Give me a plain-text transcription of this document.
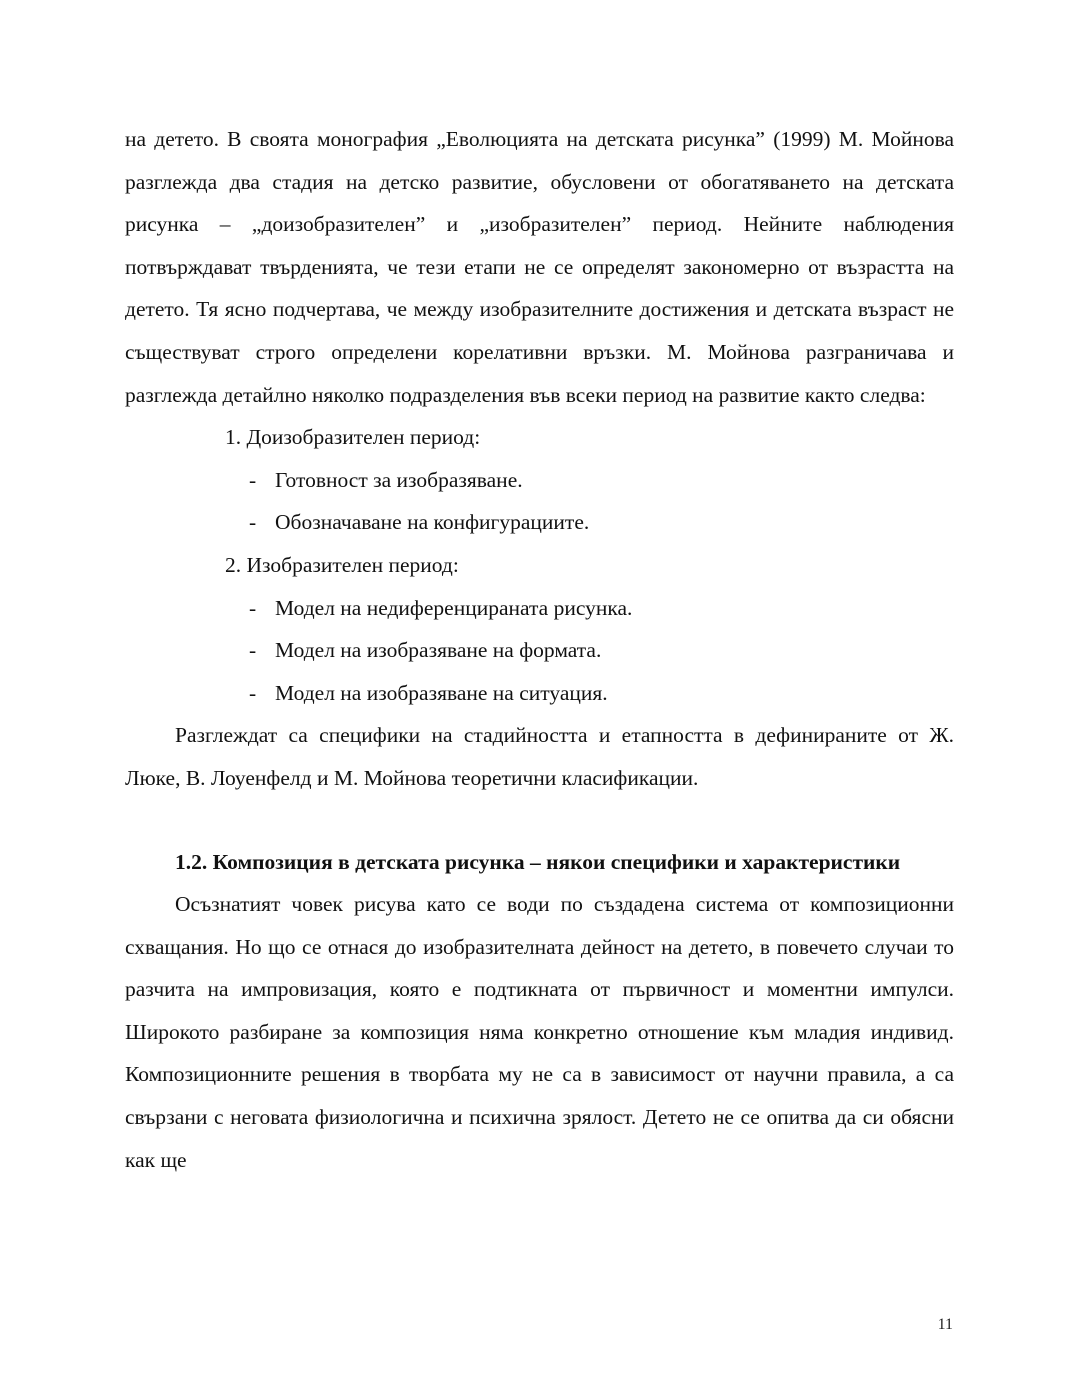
на детето. В своята монография „Еволюцията на детската рисунка” (1999) М. Мойнова разглежда два стадия на детско развитие, обусловени от обогатяването на детската рисунка – „доизобразителен” и „изобразителен” период. Нейните наблюдения потвърждават твърденията, че тези етапи не се определят закономерно от възрастта на детето. Тя ясно подчертава, че между изобразителните достижения и детската възраст не съществуват строго определени корелативни връзки. М. Мойнова разграничава и разглежда детайлно няколко подразделения във всеки период на развитие както следва:

1. Доизобразителен период:

- Готовност за изобразяване.

- Обозначаване на конфигурациите.

2. Изобразителен период:

- Модел на недиференцираната рисунка.

- Модел на изобразяване на формата.

- Модел на изобразяване на ситуация.

Разглеждат са специфики на стадийността и етапността в дефинираните от Ж. Люке, В. Лоуенфелд и М. Мойнова теоретични класификации.

1.2. Композиция в детската рисунка – някои специфики и характеристики

Осъзнатият човек рисува като се води по създадена система от композиционни схващания. Но що се отнася до изобразителната дейност на детето, в повечето случаи то разчита на импровизация, която е подтикната от първичност и моментни импулси. Широкото разбиране за композиция няма конкретно отношение към младия индивид. Композиционните решения в творбата му не са в зависимост от научни правила, а са свързани с неговата физиологична и психична зрялост. Детето не се опитва да си обясни как ще

11
